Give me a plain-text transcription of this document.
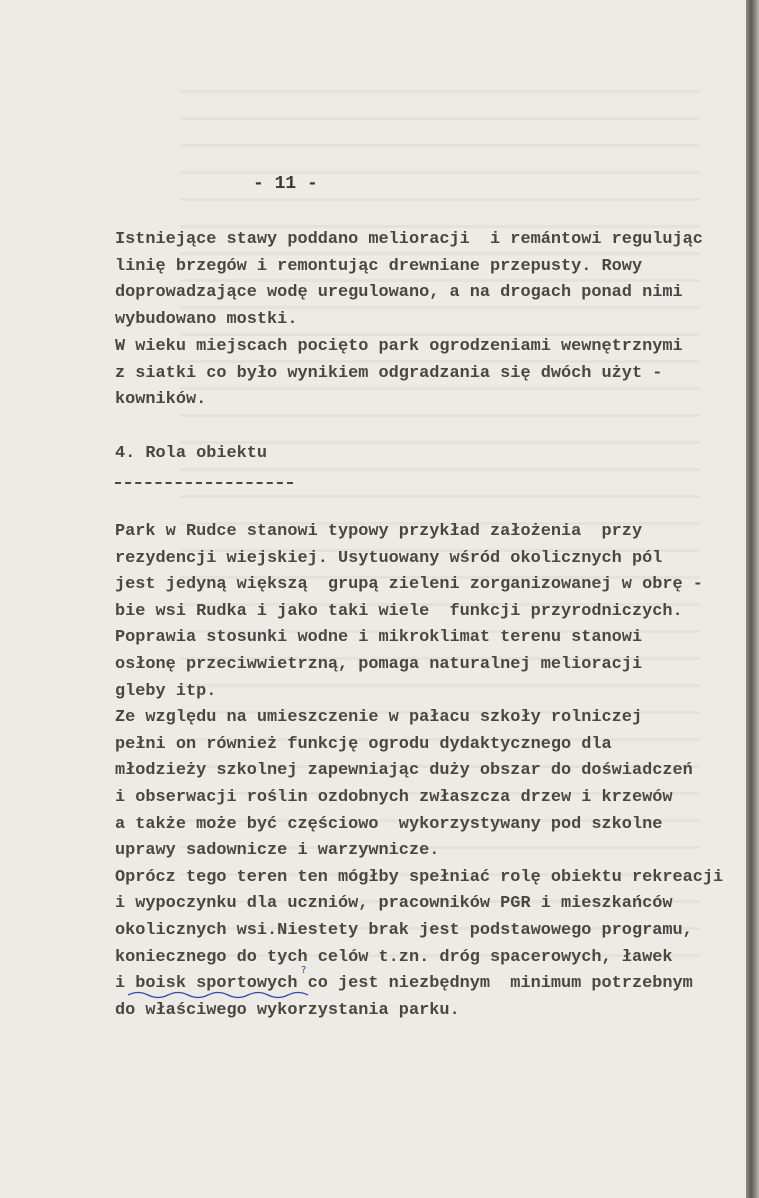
- 11 -
Istniejące stawy poddano melioracji  i remántowi regulując
linię brzegów i remontując drewniane przepusty. Rowy
doprowadzające wodę uregulowano, a na drogach ponad nimi
wybudowano mostki.
W wieku miejscach pocięto park ogrodzeniami wewnętrznymi
z siatki co było wynikiem odgradzania się dwóch użyt -
kowników.
4. Rola obiektu
Park w Rudce stanowi typowy przykład założenia  przy
rezydencji wiejskiej. Usytuowany wśród okolicznych pól
jest jedyną większą  grupą zieleni zorganizowanej w obrę -
bie wsi Rudka i jako taki wiele  funkcji przyrodniczych.
Poprawia stosunki wodne i mikroklimat terenu stanowi
osłonę przeciwwietrzną, pomaga naturalnej melioracji
gleby itp.
Ze względu na umieszczenie w pałacu szkoły rolniczej
pełni on również funkcję ogrodu dydaktycznego dla
młodzieży szkolnej zapewniając duży obszar do doświadczeń
i obserwacji roślin ozdobnych zwłaszcza drzew i krzewów
a także może być częściowo  wykorzystywany pod szkolne
uprawy sadownicze i warzywnicze.
Oprócz tego teren ten mógłby spełniać rolę obiektu rekreacji
i wypoczynku dla uczniów, pracowników PGR i mieszkańców
okolicznych wsi.Niestety brak jest podstawowego programu,
koniecznego do tych celów t.zn. dróg spacerowych, ławek
i boisk sportowych co jest niezbędnym  minimum potrzebnym
do właściwego wykorzystania parku.
?
